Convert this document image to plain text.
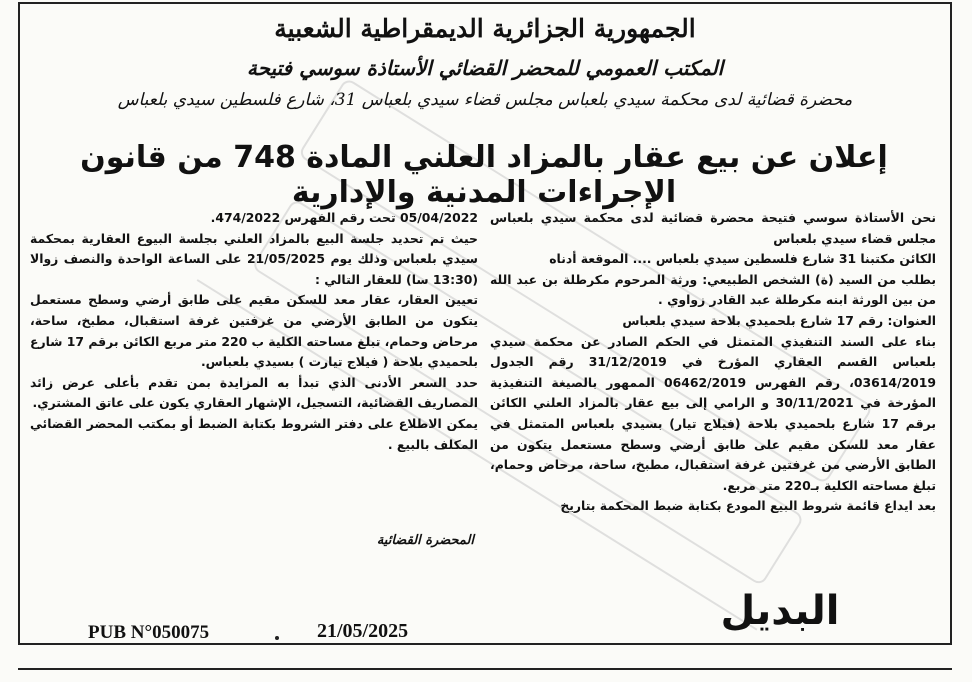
الجمهورية الجزائرية الديمقراطية الشعبية
المكتب العمومي للمحضر القضائي الأستاذة سوسي فتيحة
محضرة قضائية لدى محكمة سيدي بلعباس مجلس قضاء سيدي بلعباس 31، شارع فلسطين سيدي بلعباس
إعلان عن بيع عقار بالمزاد العلني المادة 748 من قانون الإجراءات المدنية والإدارية

نحن الأستاذة سوسي فتيحة محضرة قضائية لدى محكمة سيدي بلعباس مجلس قضاء سيدي بلعباس

الكائن مكتبنا 31 شارع فلسطين سيدي بلعباس .... الموقعة أدناه

بطلب من السيد (ة) الشخص الطبيعي: ورثة المرحوم مكرطلة بن عبد الله من بين الورثة ابنه مكرطلة عبد القادر زواوي .

العنوان: رقم 17 شارع بلحميدي بلاحة سيدي بلعباس

بناء على السند التنفيذي المتمثل في الحكم الصادر عن محكمة سيدي بلعباس القسم العقاري المؤرخ في 31/12/2019 رقم الجدول 03614/2019، رقم الفهرس 06462/2019 الممهور بالصيغة التنفيذية المؤرخة في 30/11/2021 و الرامي إلى بيع عقار بالمزاد العلني الكائن برقم 17 شارع بلحميدي بلاحة (فيلاج تيار) بسيدي بلعباس المتمثل في عقار معد للسكن مقيم على طابق أرضي وسطح مستعمل يتكون من الطابق الأرضي من غرفتين غرفة استقبال، مطبخ، ساحة، مرحاض وحمام، تبلغ مساحته الكلية بـ220 متر مربع.

بعد ايداع قائمة شروط البيع المودع بكتابة ضبط المحكمة بتاريخ

05/04/2022 تحت رقم الفهرس 474/2022.

حيث تم تحديد جلسة البيع بالمزاد العلني بجلسة البيوع العقارية بمحكمة سيدي بلعباس وذلك يوم 21/05/2025 على الساعة الواحدة والنصف زوالا (13:30 سا) للعقار التالي :

تعيين العقار، عقار معد للسكن مقيم على طابق أرضي وسطح مستعمل يتكون من الطابق الأرضي من غرفتين غرفة استقبال، مطبخ، ساحة، مرحاض وحمام، تبلغ مساحته الكلية ب 220 متر مربع الكائن برقم 17 شارع بلحميدي بلاحة ( فيلاج تيارت ) بسيدي بلعباس.

حدد السعر الأدنى الذي تبدأ به المزايدة بمن تقدم بأعلى عرض زائد المصاريف القضائية، التسجيل، الإشهار العقاري يكون على عاتق المشتري.

يمكن الاطلاع على دفتر الشروط بكتابة الضبط أو بمكتب المحضر القضائي المكلف بالبيع .

المحضرة القضائية
البديل
PUB N°050075	21/05/2025
